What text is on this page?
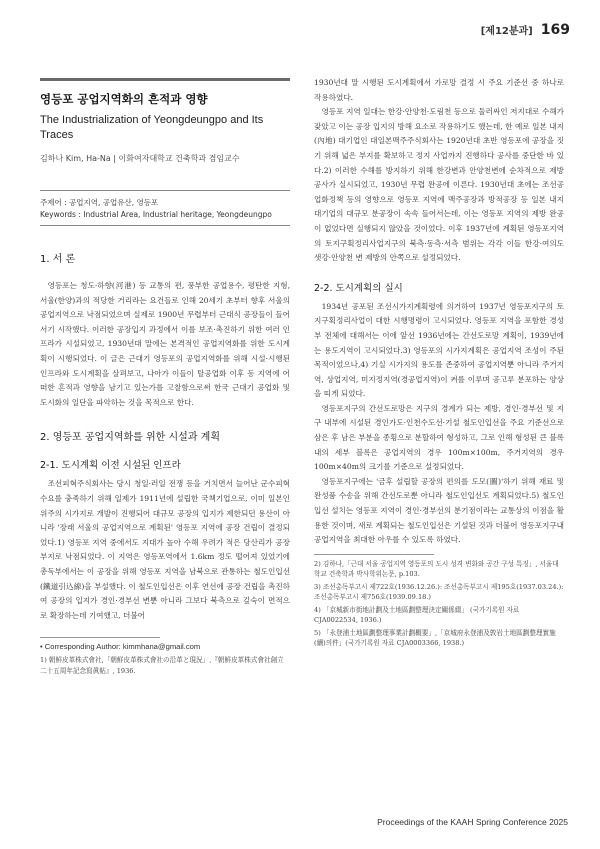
[제12분과] 169
영등포 공업지역화의 흔적과 영향
The Industrialization of Yeongdeungpo and Its Traces
김하나 Kim, Ha-Na | 이화여자대학교 건축학과 겸임교수
주제어 : 공업지역, 공업유산, 영등포
Keywords : Industrial Area, Industrial heritage, Yeongdeungpo
1. 서 론

영등포는 청도·하향(河港) 등 교통의 편, 풍부한 공업용수, 평탄한 지형, 서울(한양)과의 적당한 거리라는 요건들로 인해 20세기 초부터 향후 서울의 공업지역으로 낙점되었으며 실제로 1900년 무렵부터 근대식 공장들이 들어서기 시작했다. 이러한 공장입지 과정에서 이를 보조·촉진하기 위한 여러 인프라가 시설되었고, 1930년대 말에는 본격적인 공업지역화를 위한 도시계획이 시행되었다. 이 글은 근대기 영등포의 공업지역화를 위해 시설·시행된 인프라와 도시계획을 살펴보고, 나아가 이들이 탈공업화 이후 동 지역에 어떠한 흔적과 영향을 남기고 있는가를 고찰함으로써 한국 근대기 공업화 및 도시화의 일단을 파악하는 것을 목적으로 한다.

2. 영등포 공업지역화를 위한 시설과 계획
2-1. 도시계획 이전 시설된 인프라

조선피혁주식회사는 당시 청일·러일 전쟁 등을 거치면서 늘어난 군수피혁 수요를 충족하기 위해 일제가 1911년에 설립한 국책기업으로, 이미 일본인 위주의 시가지로 개발이 진행되어 대규모 공장의 입지가 제한되던 용산이 아니라 '장래 서울의 공업지역으로 계획된' 영등포 지역에 공장 건립이 결정되었다.1) 영등포 지역 중에서도 지대가 높아 수해 우려가 적은 당산리가 공장 부지로 낙점되었다. 이 지역은 영등포역에서 1.6km 정도 떨어져 있었기에 총독부에서는 이 공장을 위해 영등포 지역을 남북으로 관통하는 철도인입선(鐵道引込線)을 부설했다. 이 철도인입선은 이후 연선에 공장 건립을 촉진하여 공장의 입지가 경인·경부선 변뿐 아니라 그보다 북측으로 깊숙이 면적으로 확장하는데 기여했고, 더불어

• Corresponding Author: kimmhana@gmail.com
1) 朝鮮皮革株式會社,「朝鮮皮革株式會社の沿革と現況」,『朝鮮皮革株式會社創立二十五周年記念寫眞帖』, 1936.

1930년대 말 시행된 도시계획에서 가로망 결정 시 주요 기준선 중 하나로 작용하였다.

영등포 지역 일대는 한강·안양천·도림천 등으로 둘러싸인 저지대로 수해가 잦았고 이는 공장 입지의 방해 요소로 작용하기도 했는데, 한 예로 일본 내지(內地) 대기업인 대일본맥주주식회사는 1920년대 초반 영등포에 공장을 짓기 위해 넓은 부지를 확보하고 정지 사업까지 진행하다 공사를 중단한 바 있다.2) 이러한 수해를 방지하기 위해 한강변과 안양천변에 순차적으로 제방 공사가 실시되었고, 1930년 무렵 완공에 이른다. 1930년대 초에는 조선공업화정책 등의 영향으로 영등포 지역에 맥주공장과 방적공장 등 일본 내지 대기업의 대규모 분공장이 속속 들어서는데, 이는 영등포 지역의 제방 완공이 없었다면 실행되지 않았을 것이었다. 이후 1937년에 계획된 영등포지역의 토지구획정리사업지구의 북측·동측·서측 범위는 각각 이들 한강·여의도 샛강·안양천 변 제방의 안쪽으로 설정되었다.

2-2. 도시계획의 실시

1934년 공포된 조선시가지계획령에 의거하여 1937년 영등포지구의 토지구획정리사업이 대한 시행명령이 고시되었다. 영등포 지역을 포함한 경성부 전체에 대해서는 이에 앞선 1936년에는 간선도로망 계획이, 1939년에는 용도지역이 고시되었다.3) 영등포의 시가지계획은 공업지역 조성이 주된 목적이었으나,4) 기실 시가지의 용도를 존중하여 공업지역뿐 아니라 주거지역, 상업지역, 미지정지역(경공업지역)이 켜를 이루며 공고루 분포하는 양상을 띠게 되었다.

영등포지구의 간선도로망은 지구의 경계가 되는 제방, 경인·경부선 및 지구 내부에 시설된 경인가도·인천수도선·기설 철도인입선을 주요 기준선으로 삼은 후 남은 부분을 종횡으로 분할하여 형성하고, 그로 인해 형성된 큰 블록 내의 세부 블록은 공업지역의 경우 100m×100m, 주거지역의 경우 100m×40m의 크기를 기준으로 설정되었다.

영등포지구에는 '금후 설립할 공장의 편의를 도모(圖)'하기 위해 재료 및 완성품 수송을 위해 간선도로뿐 아니라 철도인입선도 계획되었다.5) 철도인입선 설치는 영등포 지역이 경인·경부선의 분기점이라는 교통상의 이점을 활용한 것이며, 새로 계획되는 철도인입선은 기설된 것과 더불어 영등포지구내 공업지역을 최대한 아우를 수 있도록 하였다.

2) 김하나,「근대 서울 공업지역 영등포의 도시 성격 변화와 공간 구성 특징」, 서울대학교 건축학과 박사학위논문, p.103.
3) 조선총독부고시 제722호(1936.12.26.): 조선총독부고시 제195호(1937.03.24.): 조선총독부고시 제756호(1939.09.18.)
4) 「京城新市街地計劃及土地區劃整理決定關係綴」 (국가기록원 자료 CJA0022534, 1936.)
5) 「永登浦土地區劃整理事業計劃概要」,「京城府永登浦及敦岩土地區劃整理實施(續)의件」(국가기록원 자료 CJA0003366, 1938.)
Proceedings of the KAAH Spring Conference 2025
